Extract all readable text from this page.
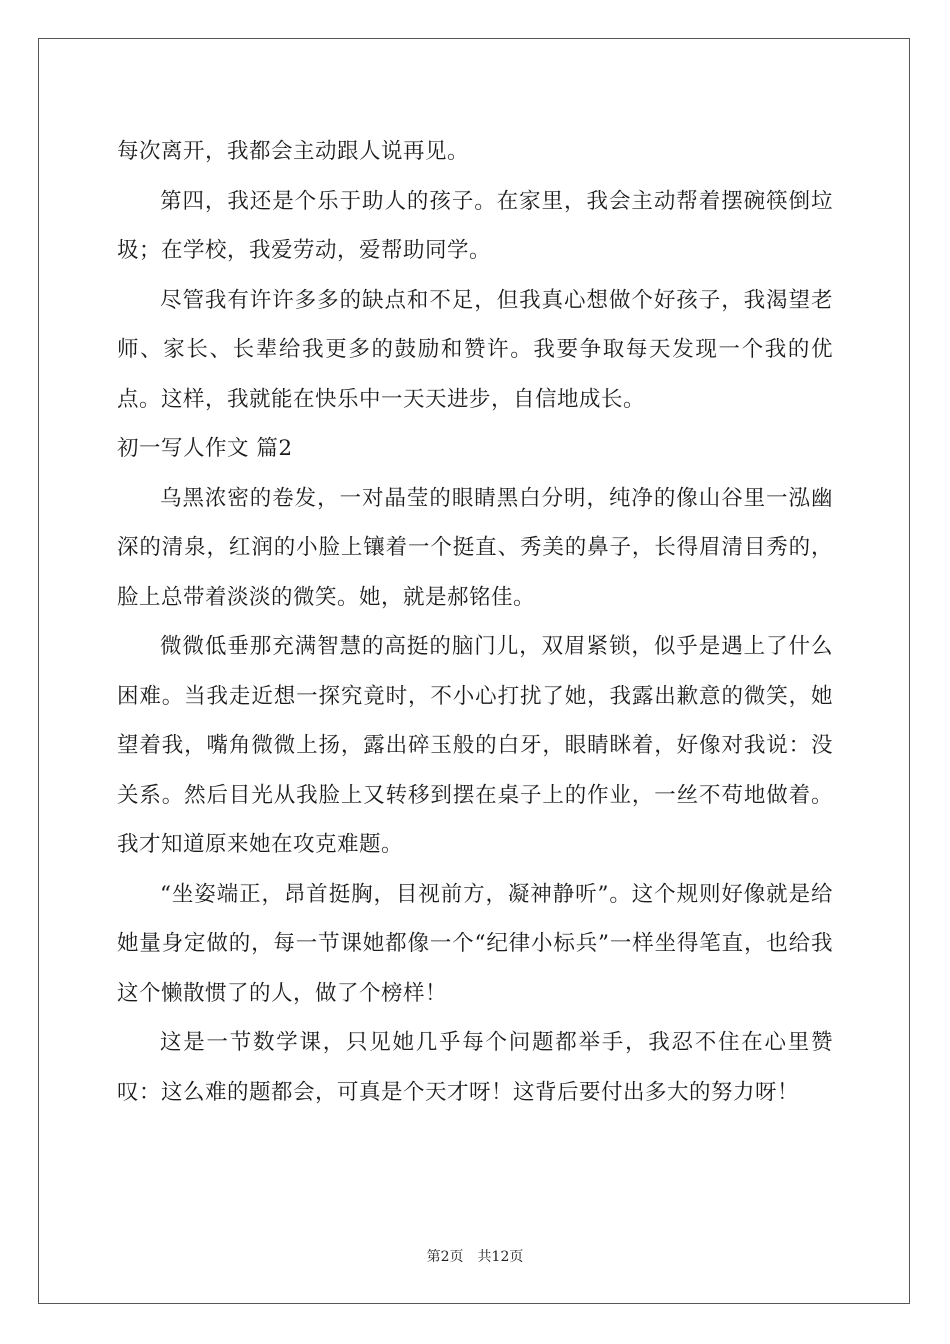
每次离开，我都会主动跟人说再见。

第四，我还是个乐于助人的孩子。在家里，我会主动帮着摆碗筷倒垃圾；在学校，我爱劳动，爱帮助同学。

尽管我有许许多多的缺点和不足，但我真心想做个好孩子，我渴望老师、家长、长辈给我更多的鼓励和赞许。我要争取每天发现一个我的优点。这样，我就能在快乐中一天天进步，自信地成长。

初一写人作文 篇2

乌黑浓密的卷发，一对晶莹的眼睛黑白分明，纯净的像山谷里一泓幽深的清泉，红润的小脸上镶着一个挺直、秀美的鼻子，长得眉清目秀的，脸上总带着淡淡的微笑。她，就是郝铭佳。

微微低垂那充满智慧的高挺的脑门儿，双眉紧锁，似乎是遇上了什么困难。当我走近想一探究竟时，不小心打扰了她，我露出歉意的微笑，她望着我，嘴角微微上扬，露出碎玉般的白牙，眼睛眯着，好像对我说：没关系。然后目光从我脸上又转移到摆在桌子上的作业，一丝不苟地做着。我才知道原来她在攻克难题。

“坐姿端正，昂首挺胸，目视前方，凝神静听”。这个规则好像就是给她量身定做的，每一节课她都像一个“纪律小标兵”一样坐得笔直，也给我这个懒散惯了的人，做了个榜样！

这是一节数学课，只见她几乎每个问题都举手，我忍不住在心里赞叹：这么难的题都会，可真是个天才呀！这背后要付出多大的努力呀！

第2页 共12页
